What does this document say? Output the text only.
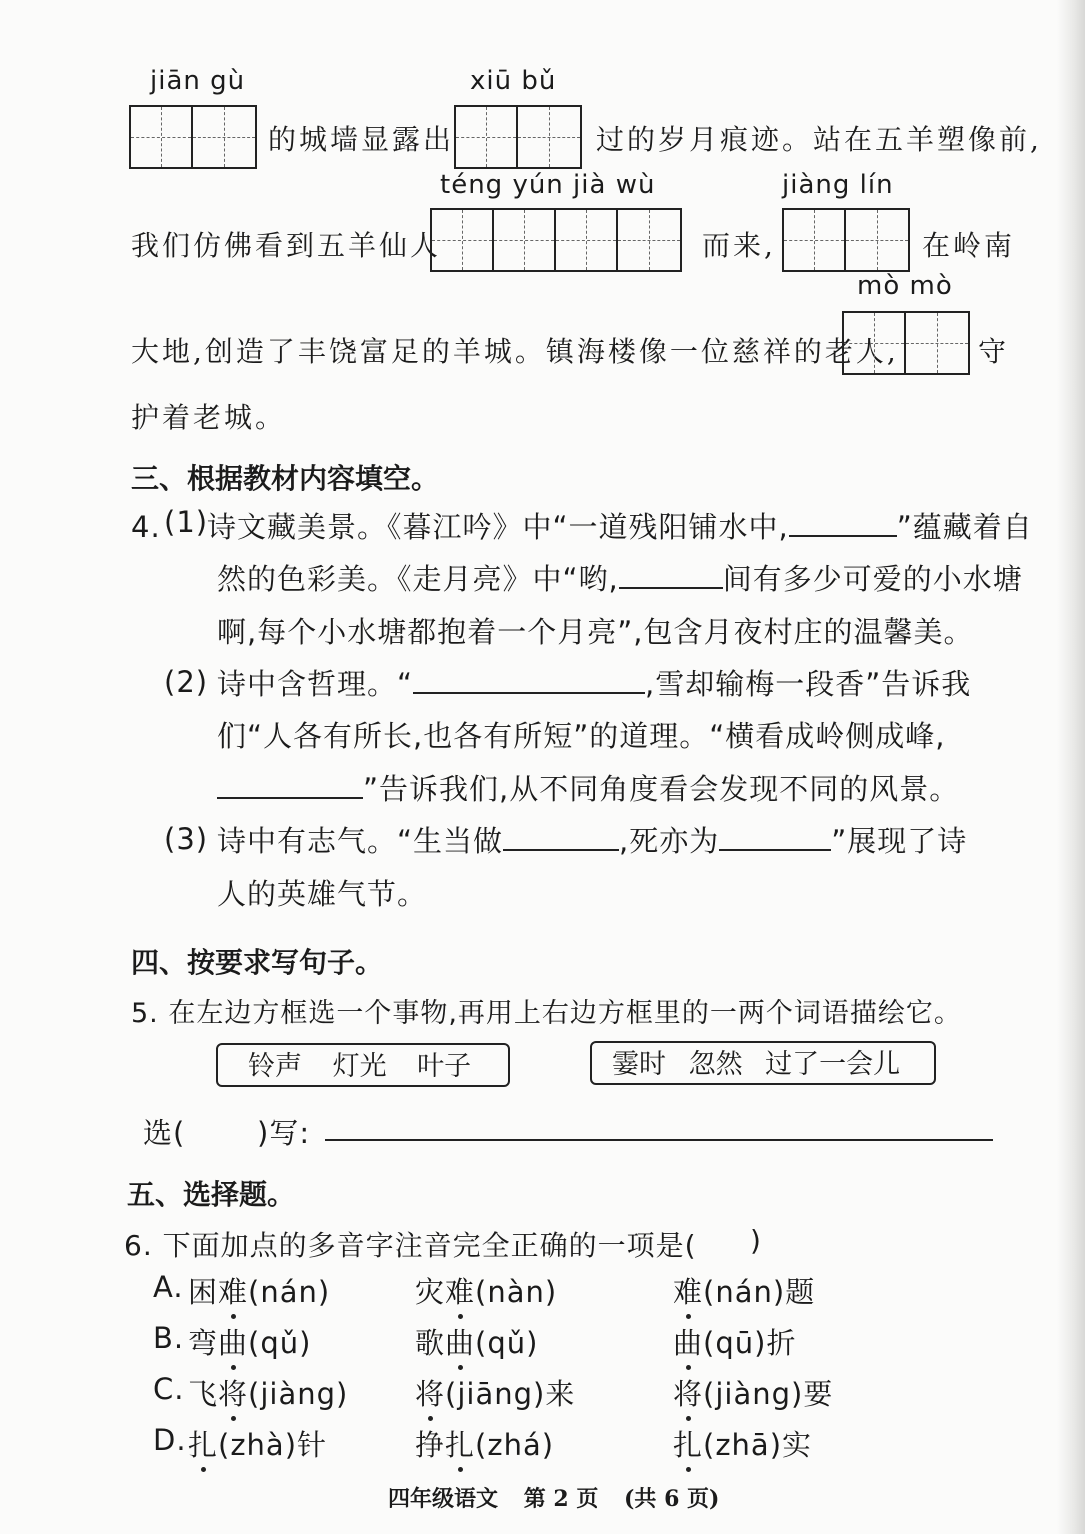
jiān gù	xiū bǔ
téng yún jià wù	jiàng lín
mò mò
的城墙显露出	过的岁月痕迹。站在五羊塑像前,
我们仿佛看到五羊仙人	而来,	在岭南
大地,创造了丰饶富足的羊城。镇海楼像一位慈祥的老人,	守
护着老城。
三、根据教材内容填空。
4. (1)
诗文藏美景。《暮江吟》中“一道残阳铺水中,	”蕴藏着自
然的色彩美。《走月亮》中“哟,	间有多少可爱的小水塘
啊,每个小水塘都抱着一个月亮”,包含月夜村庄的温馨美。
(2) 诗中含哲理。“	,雪却输梅一段香”告诉我
们“人各有所长,也各有所短”的道理。“横看成岭侧成峰,
”告诉我们,从不同角度看会发现不同的风景。
(3) 诗中有志气。“生当做	,死亦为	”展现了诗
人的英雄气节。
四、按要求写句子。
5. 在左边方框选一个事物,再用上右边方框里的一两个词语描绘它。
铃声 灯光 叶子	霎时 忽然 过了一会儿
选( )写:
五、选择题。
6. 下面加点的多音字注音完全正确的一项是( )
A. 困难(nán)	灾难(nàn)	难(nán)题
B. 弯曲(qǔ)	歌曲(qǔ)	曲(qū)折
C. 飞将(jiàng) 将(jiāng)来	将(jiàng)要
D. 扎(zhà)针	挣扎(zhá)	扎(zhā)实
四年级语文 第 2 页 (共 6 页)
